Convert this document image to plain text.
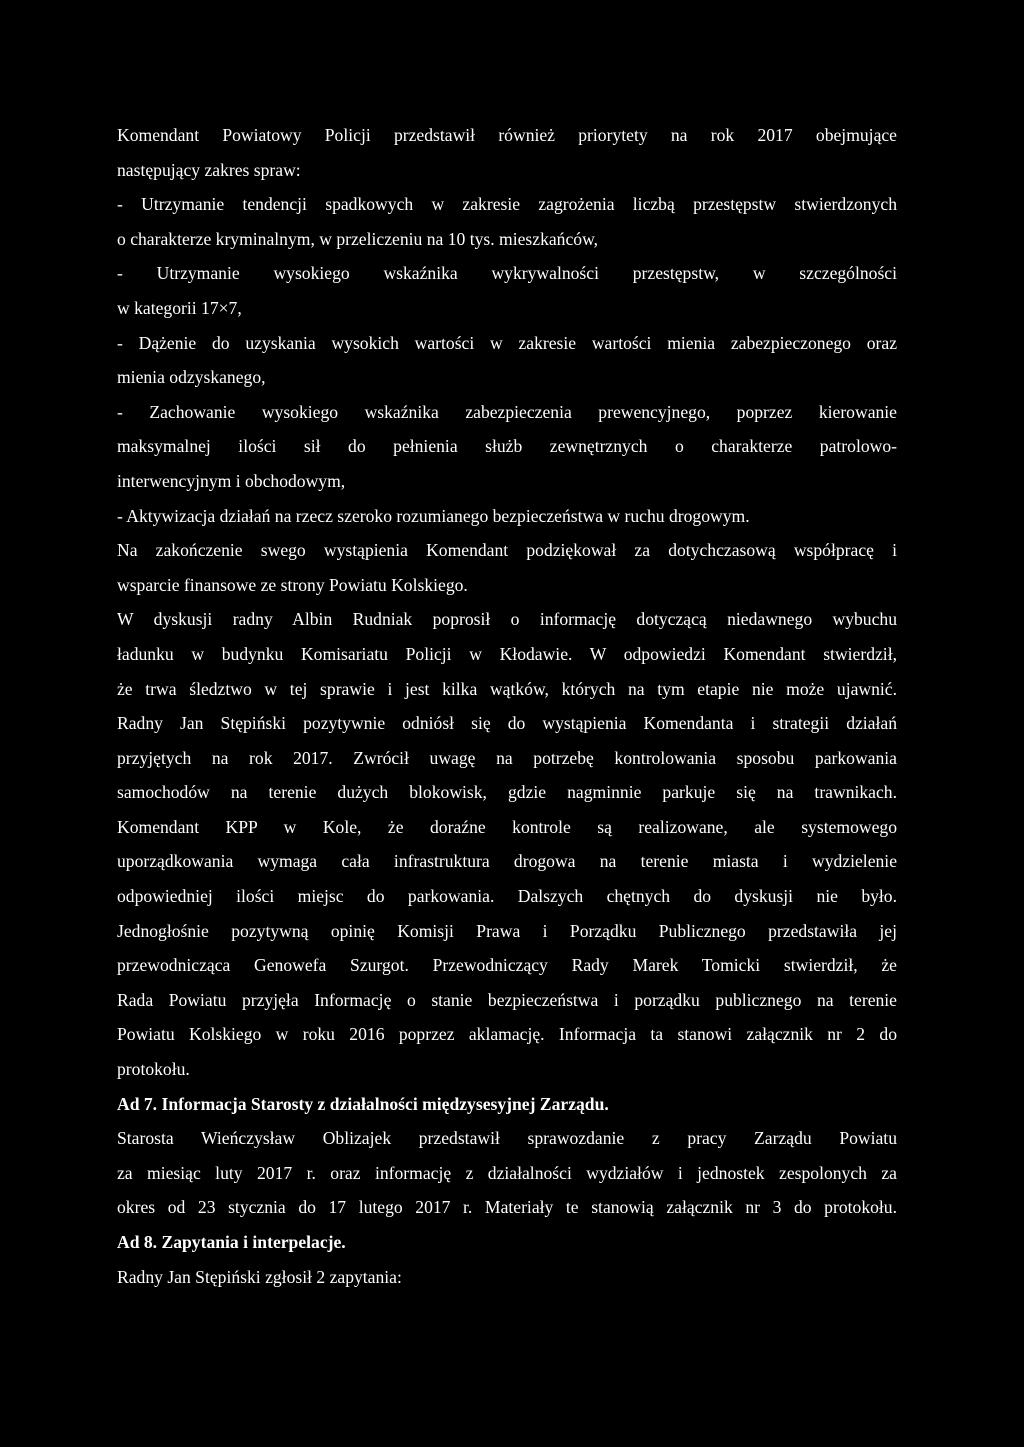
Komendant Powiatowy Policji przedstawił również priorytety na rok 2017 obejmujące
następujący zakres spraw:
- Utrzymanie tendencji spadkowych w zakresie zagrożenia liczbą przestępstw stwierdzonych
o charakterze kryminalnym, w przeliczeniu na 10 tys. mieszkańców,
- Utrzymanie wysokiego wskaźnika wykrywalności przestępstw, w szczególności
w kategorii 17×7,
- Dążenie do uzyskania wysokich wartości w zakresie wartości mienia zabezpieczonego oraz
mienia odzyskanego,
- Zachowanie wysokiego wskaźnika zabezpieczenia prewencyjnego, poprzez kierowanie
maksymalnej ilości sił do pełnienia służb zewnętrznych o charakterze patrolowo-
interwencyjnym i obchodowym,
- Aktywizacja działań na rzecz szeroko rozumianego bezpieczeństwa w ruchu drogowym.
Na zakończenie swego wystąpienia Komendant podziękował za dotychczasową współpracę i
wsparcie finansowe ze strony Powiatu Kolskiego.
W dyskusji radny Albin Rudniak poprosił o informację dotyczącą niedawnego wybuchu
ładunku w budynku Komisariatu Policji w Kłodawie. W odpowiedzi Komendant stwierdził,
że trwa śledztwo w tej sprawie i jest kilka wątków, których na tym etapie nie może ujawnić.
Radny Jan Stępiński pozytywnie odniósł się do wystąpienia Komendanta i strategii działań
przyjętych na rok 2017. Zwrócił uwagę na potrzebę kontrolowania sposobu parkowania
samochodów na terenie dużych blokowisk, gdzie nagminnie parkuje się na trawnikach.
Komendant KPP w Kole, że doraźne kontrole są realizowane, ale systemowego
uporządkowania wymaga cała infrastruktura drogowa na terenie miasta i wydzielenie
odpowiedniej ilości miejsc do parkowania. Dalszych chętnych do dyskusji nie było.
Jednogłośnie pozytywną opinię Komisji Prawa i Porządku Publicznego przedstawiła jej
przewodnicząca Genowefa Szurgot. Przewodniczący Rady Marek Tomicki stwierdził, że
Rada Powiatu przyjęła Informację o stanie bezpieczeństwa i porządku publicznego na terenie
Powiatu Kolskiego w roku 2016 poprzez aklamację. Informacja ta stanowi załącznik nr 2 do
protokołu.
Ad 7. Informacja Starosty z działalności międzysesyjnej Zarządu.
Starosta Wieńczysław Oblizajek przedstawił sprawozdanie z pracy Zarządu Powiatu
za miesiąc luty 2017 r. oraz informację z działalności wydziałów i jednostek zespolonych za
okres od 23 stycznia do 17 lutego 2017 r. Materiały te stanowią załącznik nr 3 do protokołu.
Ad 8. Zapytania i interpelacje.
Radny Jan Stępiński zgłosił 2 zapytania:
